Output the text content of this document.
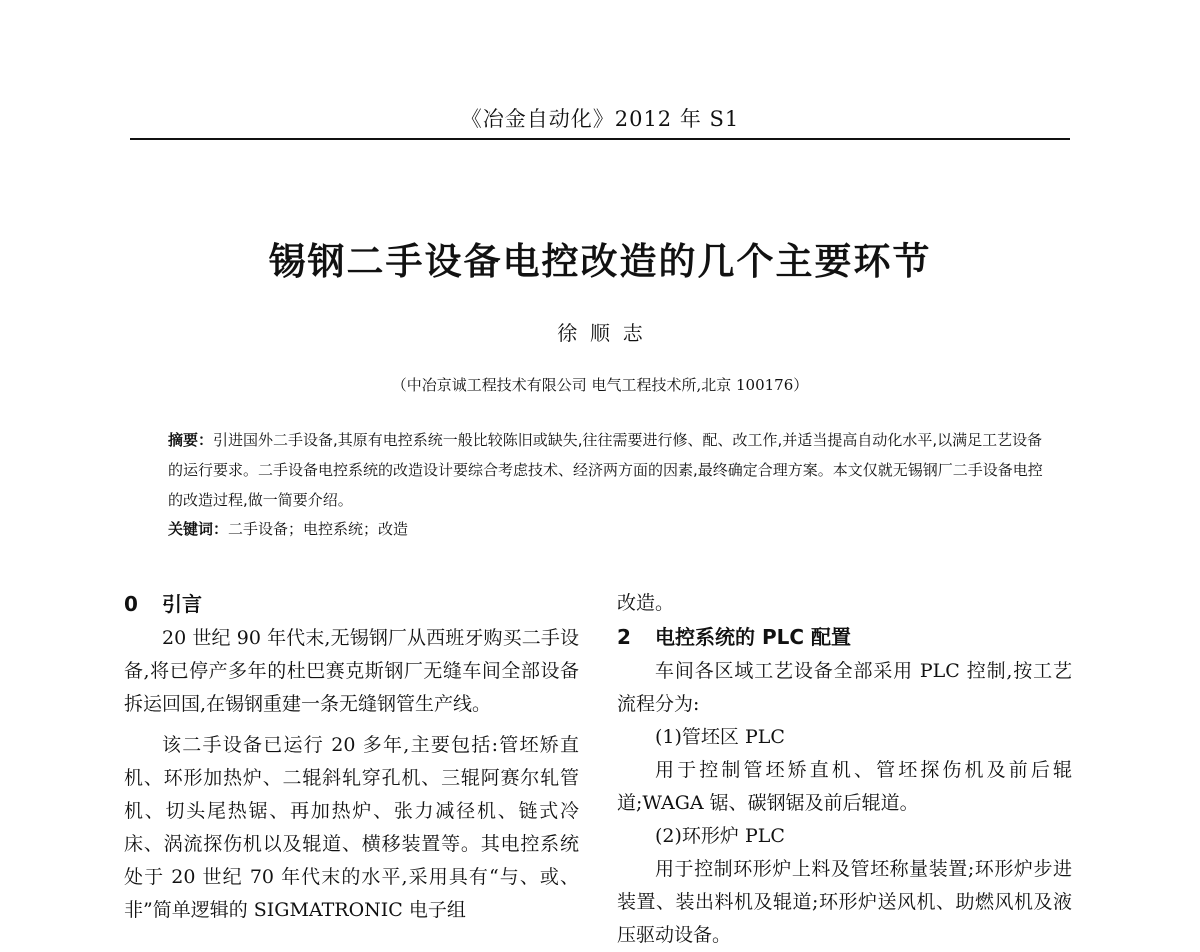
《冶金自动化》2012 年 S1
锡钢二手设备电控改造的几个主要环节
徐  顺  志
（中冶京诚工程技术有限公司 电气工程技术所,北京 100176）
摘要：引进国外二手设备,其原有电控系统一般比较陈旧或缺失,往往需要进行修、配、改工作,并适当提高自动化水平,以满足工艺设备的运行要求。二手设备电控系统的改造设计要综合考虑技术、经济两方面的因素,最终确定合理方案。本文仅就无锡钢厂二手设备电控的改造过程,做一简要介绍。
关键词：二手设备；电控系统；改造
0 引言

20 世纪 90 年代末,无锡钢厂从西班牙购买二手设备,将已停产多年的杜巴赛克斯钢厂无缝车间全部设备拆运回国,在锡钢重建一条无缝钢管生产线。

该二手设备已运行 20 多年,主要包括:管坯矫直机、环形加热炉、二辊斜轧穿孔机、三辊阿赛尔轧管机、切头尾热锯、再加热炉、张力减径机、链式冷床、涡流探伤机以及辊道、横移装置等。其电控系统处于 20 世纪 70 年代末的水平,采用具有“与、或、非”简单逻辑的 SIGMATRONIC 电子组

改造。

2 电控系统的 PLC 配置

车间各区域工艺设备全部采用 PLC 控制,按工艺流程分为:

(1)管坯区 PLC

用于控制管坯矫直机、管坯探伤机及前后辊道;WAGA 锯、碳钢锯及前后辊道。

(2)环形炉 PLC

用于控制环形炉上料及管坯称量装置;环形炉步进装置、装出料机及辊道;环形炉送风机、助燃风机及液压驱动设备。
